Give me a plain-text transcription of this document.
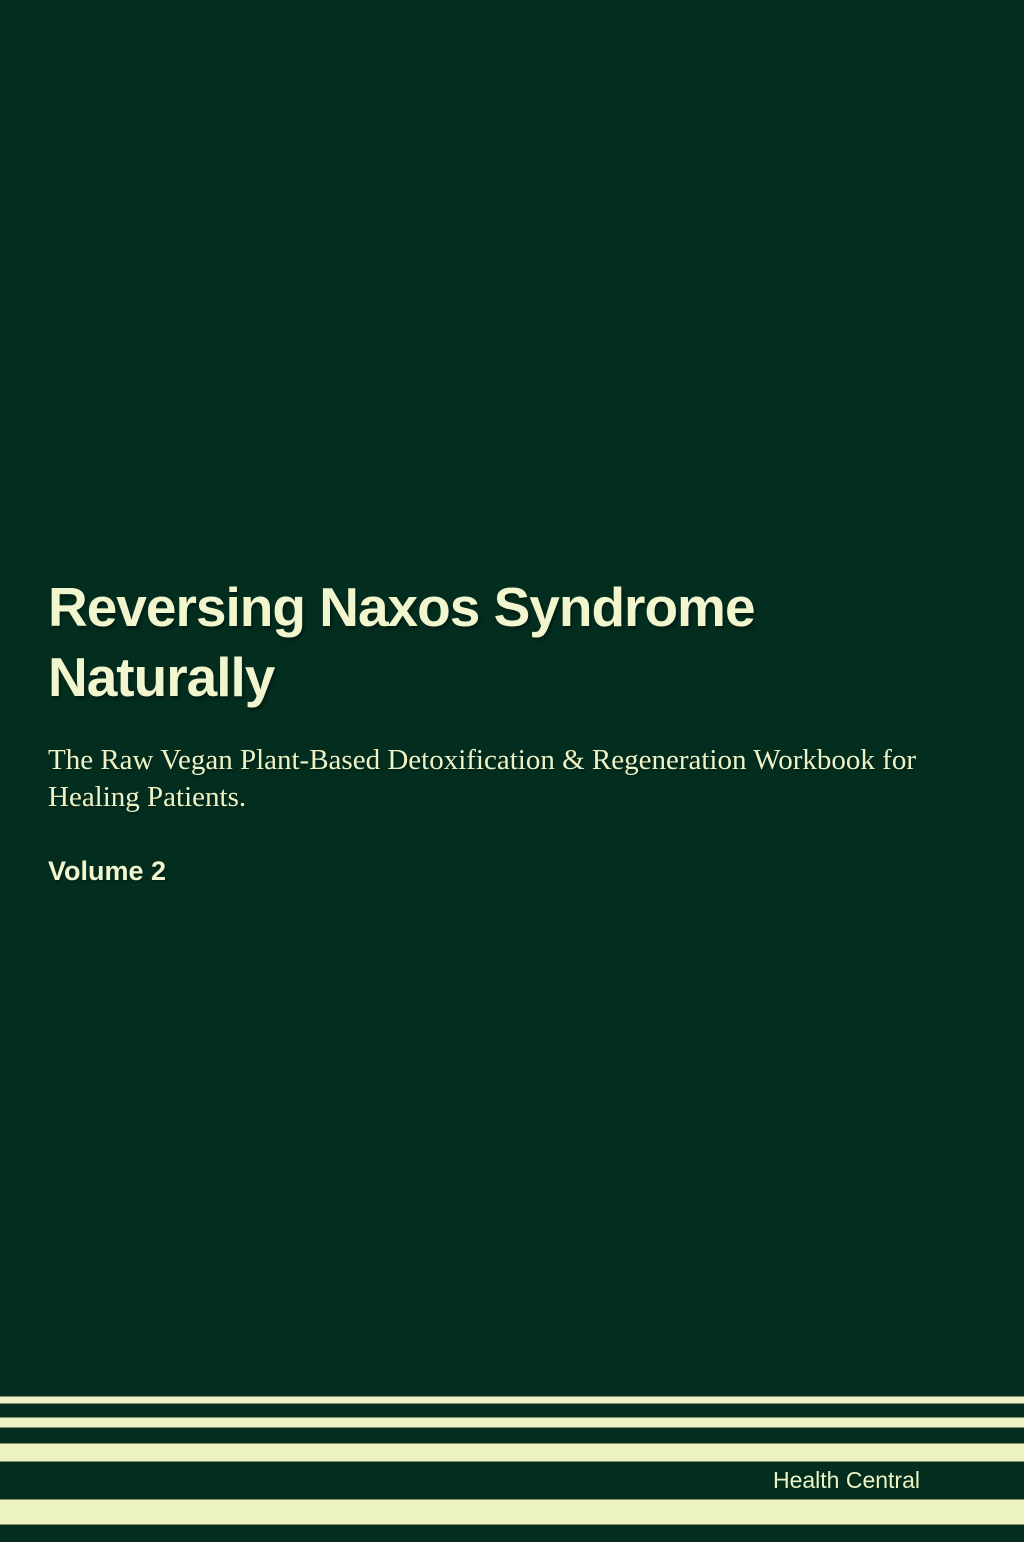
Reversing Naxos Syndrome Naturally

The Raw Vegan Plant-Based Detoxification & Regeneration Workbook for Healing Patients.

Volume 2

Health Central
